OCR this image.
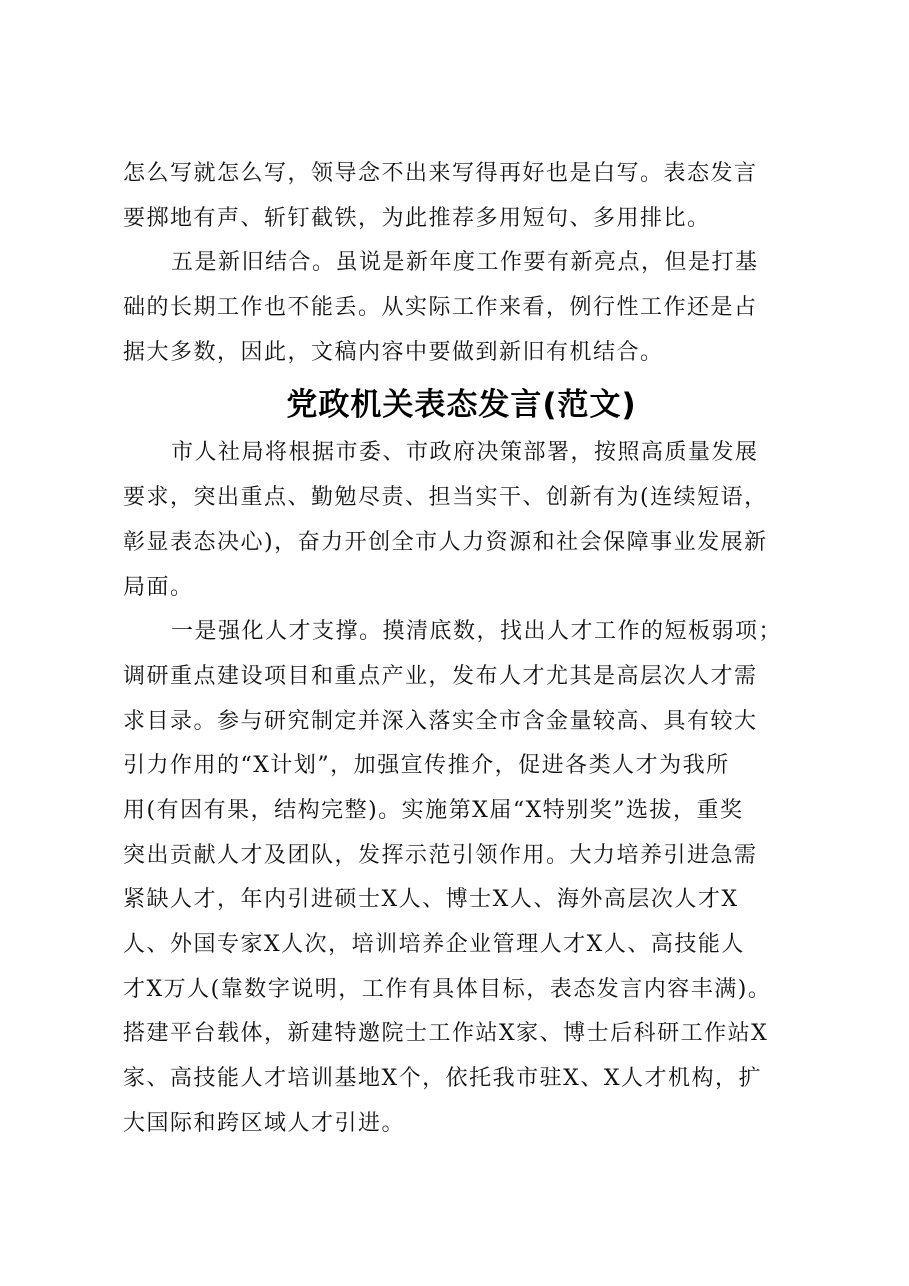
怎么写就怎么写，领导念不出来写得再好也是白写。表态发言
要掷地有声、斩钉截铁，为此推荐多用短句、多用排比。
五是新旧结合。虽说是新年度工作要有新亮点，但是打基
础的长期工作也不能丢。从实际工作来看，例行性工作还是占
据大多数，因此，文稿内容中要做到新旧有机结合。
党政机关表态发言(范文)
市人社局将根据市委、市政府决策部署，按照高质量发展
要求，突出重点、勤勉尽责、担当实干、创新有为(连续短语，
彰显表态决心)，奋力开创全市人力资源和社会保障事业发展新
局面。
一是强化人才支撑。摸清底数，找出人才工作的短板弱项；
调研重点建设项目和重点产业，发布人才尤其是高层次人才需
求目录。参与研究制定并深入落实全市含金量较高、具有较大
引力作用的“X计划”，加强宣传推介，促进各类人才为我所
用(有因有果，结构完整)。实施第X届“X特别奖”选拔，重奖
突出贡献人才及团队，发挥示范引领作用。大力培养引进急需
紧缺人才，年内引进硕士X人、博士X人、海外高层次人才X
人、外国专家X人次，培训培养企业管理人才X人、高技能人
才X万人(靠数字说明，工作有具体目标，表态发言内容丰满)。
搭建平台载体，新建特邀院士工作站X家、博士后科研工作站X
家、高技能人才培训基地X个，依托我市驻X、X人才机构，扩
大国际和跨区域人才引进。
